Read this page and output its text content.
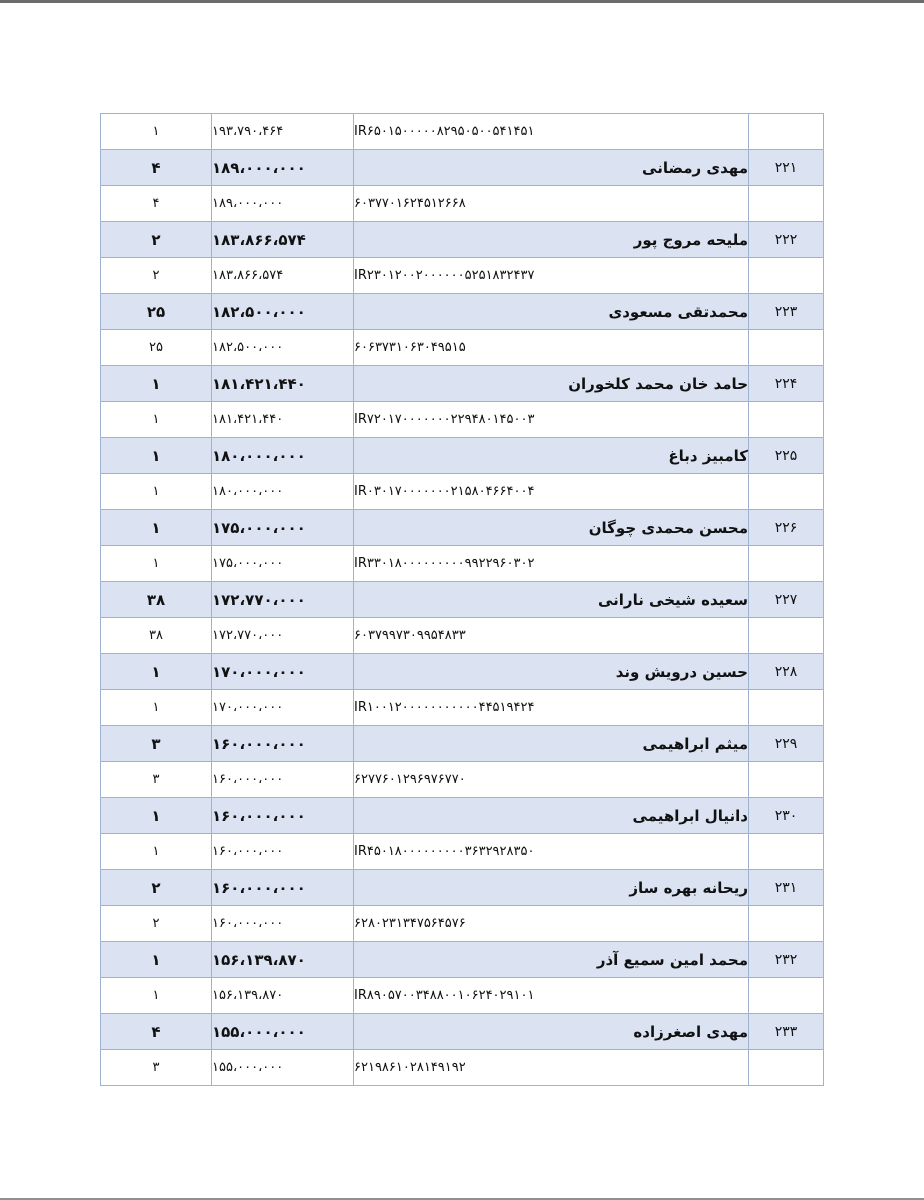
۱	۱۹۳،۷۹۰،۴۶۴	IR۶۵۰۱۵۰۰۰۰۰۸۲۹۵۰۵۰۰۵۴۱۴۵۱	
۴	۱۸۹،۰۰۰،۰۰۰	مهدی رمضانی	۲۲۱
۴	۱۸۹،۰۰۰،۰۰۰	۶۰۳۷۷۰۱۶۲۴۵۱۲۶۶۸	
۲	۱۸۳،۸۶۶،۵۷۴	ملیحه مروج پور	۲۲۲
۲	۱۸۳،۸۶۶،۵۷۴	IR۲۳۰۱۲۰۰۲۰۰۰۰۰۰۵۲۵۱۸۳۲۴۳۷	
۲۵	۱۸۲،۵۰۰،۰۰۰	محمدتقی مسعودی	۲۲۳
۲۵	۱۸۲،۵۰۰،۰۰۰	۶۰۶۳۷۳۱۰۶۳۰۴۹۵۱۵	
۱	۱۸۱،۴۲۱،۴۴۰	حامد خان محمد کلخوران	۲۲۴
۱	۱۸۱،۴۲۱،۴۴۰	IR۷۲۰۱۷۰۰۰۰۰۰۰۲۲۹۴۸۰۱۴۵۰۰۳	
۱	۱۸۰،۰۰۰،۰۰۰	کامبیز دباغ	۲۲۵
۱	۱۸۰،۰۰۰،۰۰۰	IR۰۳۰۱۷۰۰۰۰۰۰۰۲۱۵۸۰۴۶۶۴۰۰۴	
۱	۱۷۵،۰۰۰،۰۰۰	محسن محمدی چوگان	۲۲۶
۱	۱۷۵،۰۰۰،۰۰۰	IR۳۳۰۱۸۰۰۰۰۰۰۰۰۰۹۹۲۲۹۶۰۳۰۲	
۳۸	۱۷۲،۷۷۰،۰۰۰	سعیده شیخی نارانی	۲۲۷
۳۸	۱۷۲،۷۷۰،۰۰۰	۶۰۳۷۹۹۷۳۰۹۹۵۴۸۳۳	
۱	۱۷۰،۰۰۰،۰۰۰	حسین درویش وند	۲۲۸
۱	۱۷۰،۰۰۰،۰۰۰	IR۱۰۰۱۲۰۰۰۰۰۰۰۰۰۰۰۴۴۵۱۹۴۲۴	
۳	۱۶۰،۰۰۰،۰۰۰	میثم ابراهیمی	۲۲۹
۳	۱۶۰،۰۰۰،۰۰۰	۶۲۷۷۶۰۱۲۹۶۹۷۶۷۷۰	
۱	۱۶۰،۰۰۰،۰۰۰	دانیال ابراهیمی	۲۳۰
۱	۱۶۰،۰۰۰،۰۰۰	IR۴۵۰۱۸۰۰۰۰۰۰۰۰۰۳۶۳۲۹۲۸۳۵۰	
۲	۱۶۰،۰۰۰،۰۰۰	ریحانه بهره ساز	۲۳۱
۲	۱۶۰،۰۰۰،۰۰۰	۶۲۸۰۲۳۱۳۴۷۵۶۴۵۷۶	
۱	۱۵۶،۱۳۹،۸۷۰	محمد امین سمیع آذر	۲۳۲
۱	۱۵۶،۱۳۹،۸۷۰	IR۸۹۰۵۷۰۰۳۴۸۸۰۰۱۰۶۲۴۰۲۹۱۰۱	
۴	۱۵۵،۰۰۰،۰۰۰	مهدی اصغرزاده	۲۳۳
۳	۱۵۵،۰۰۰،۰۰۰	۶۲۱۹۸۶۱۰۲۸۱۴۹۱۹۲	
